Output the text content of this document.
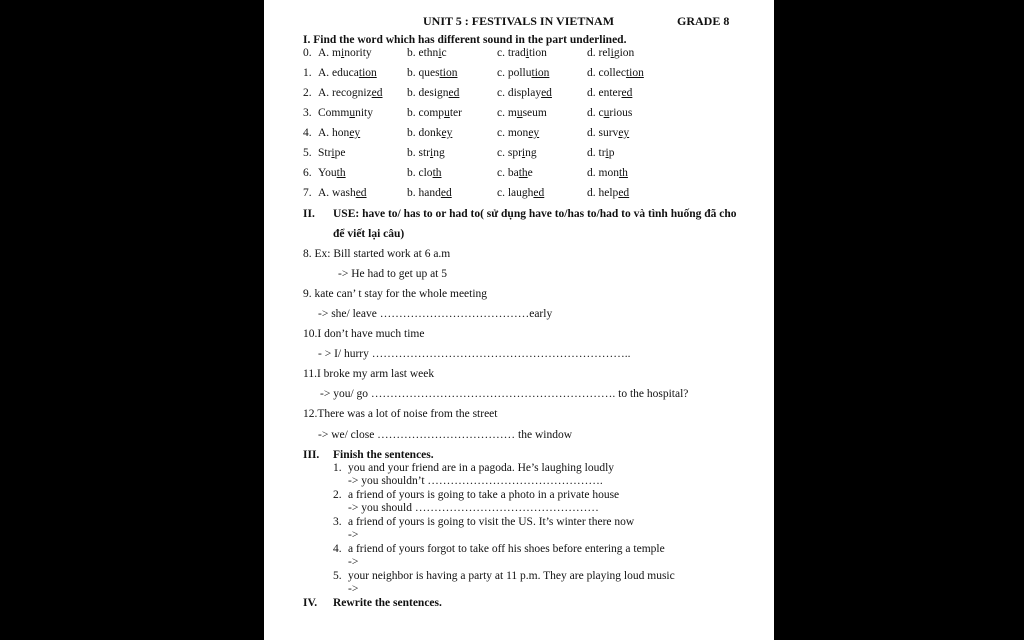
UNIT 5 : FESTIVALS IN VIETNAM	GRADE 8
I. Find the word which has different sound in the part underlined.
0. A. minority	b. ethnic	c. tradition	d. religion
1. A. education	b. question	c. pollution	d. collection
2. A. recognized b. designed	c. displayed	d. entered
3. Community	b. computer	c. museum	d. curious
4. A. honey	b. donkey	c. money	d. survey
5. Stripe	b. string	c. spring	d. trip
6. Youth	b. cloth	c. bathe	d. month
7. A. washed	b. handed	c. laughed	d. helped
II. USE: have to/ has to or had to( sử dụng have to/has to/had to và tình huống đã cho
để viết lại câu)
8. Ex: Bill started work at 6 a.m
-> He had to get up at 5
9. kate can’ t stay for the whole meeting
-> she/ leave …………………………………early
10.I don’t have much time
- > I/ hurry …………………………………………………………..
11.I broke my arm last week
-> you/ go ………………………………………………………. to the hospital?
12.There was a lot of noise from the street
-> we/ close ……………………………… the window
III. Finish the sentences.
1. you and your friend are in a pagoda. He’s laughing loudly
-> you shouldn’t ……………………………………….
2. a friend of yours is going to take a photo in a private house
-> you should …………………………………………
3. a friend of yours is going to visit the US. It’s winter there now
->
4. a friend of yours forgot to take off his shoes before entering a temple
->
5. your neighbor is having a party at 11 p.m. They are playing loud music
->
IV. Rewrite the sentences.
